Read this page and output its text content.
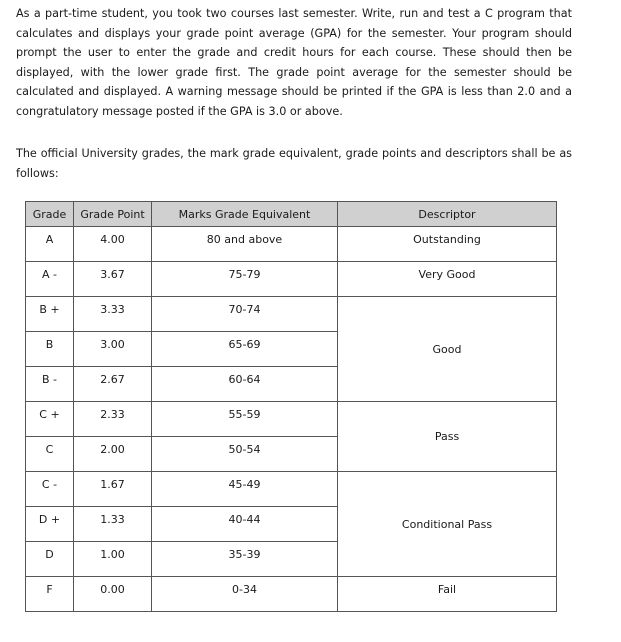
As a part-time student, you took two courses last semester. Write, run and test a C program that calculates and displays your grade point average (GPA) for the semester. Your program should prompt the user to enter the grade and credit hours for each course. These should then be displayed, with the lower grade first. The grade point average for the semester should be calculated and displayed. A warning message should be printed if the GPA is less than 2.0 and a congratulatory message posted if the GPA is 3.0 or above.

The official University grades, the mark grade equivalent, grade points and descriptors shall be as follows:

Grade	Grade Point	Marks Grade Equivalent	Descriptor

A	4.00	80 and above	Outstanding

A -	3.67	75-79	Very Good

B +	3.33	70-74	Good

B	3.00	65-69	

B -	2.67	60-64	

C +	2.33	55-59	Pass

C	2.00	50-54	

C -	1.67	45-49	Conditional Pass

D +	1.33	40-44	

D	1.00	35-39	

F	0.00	0-34	Fail
